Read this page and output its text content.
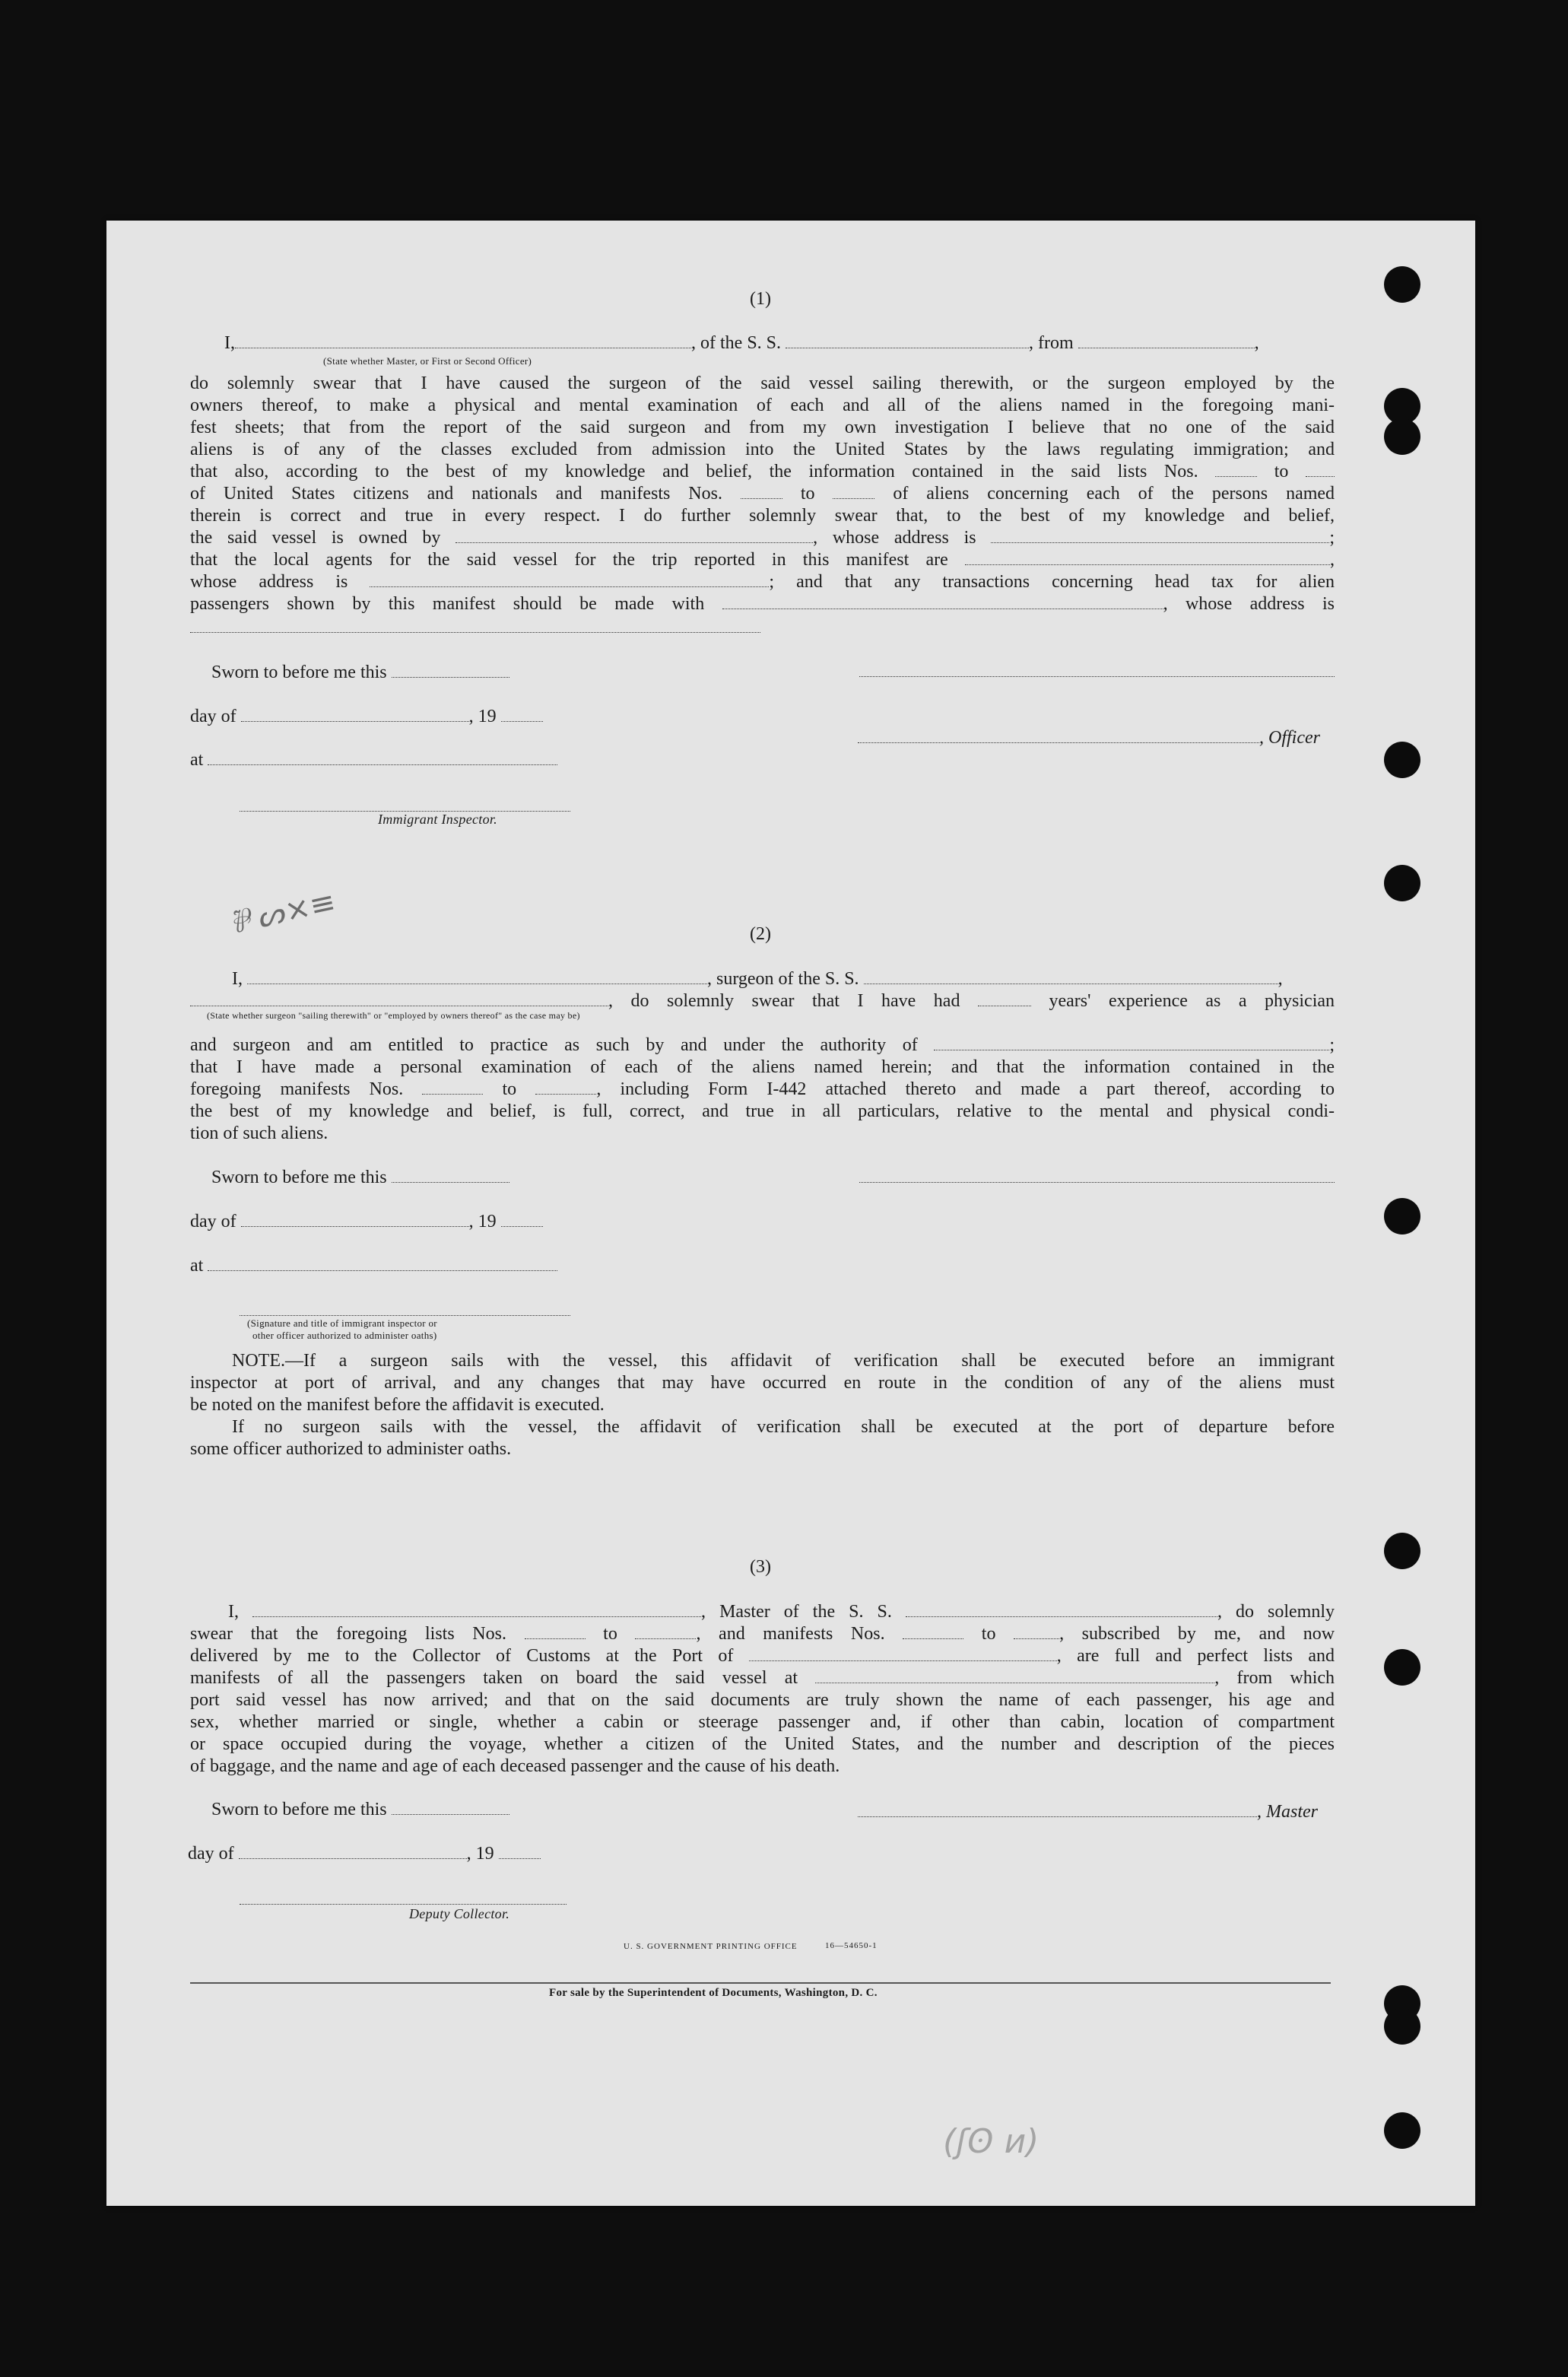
(1)
I,	, of the S. S.	, from	,
(State whether Master, or First or Second Officer)
do solemnly swear that I have caused the surgeon of the said vessel sailing therewith, or the surgeon employed by the
owners thereof, to make a physical and mental examination of each and all of the aliens named in the foregoing mani-
fest sheets; that from the report of the said surgeon and from my own investigation I believe that no one of the said
aliens is of any of the classes excluded from admission into the United States by the laws regulating immigration; and
that also, according to the best of my knowledge and belief, the information contained in the said lists Nos.	to
of United States citizens and nationals and manifests Nos.	to	of aliens concerning each of the persons named
therein is correct and true in every respect. I do further solemnly swear that, to the best of my knowledge and belief,
the said vessel is owned by	, whose address is	;
that the local agents for the said vessel for the trip reported in this manifest are	,
whose address is	; and that any transactions concerning head tax for alien
passengers shown by this manifest should be made with	, whose address is
Sworn to before me this
day of	, 19
, Officer
at
Immigrant Inspector.
⅌ ᔕ×≡	(2)
I,	, surgeon of the S. S.	,
, do solemnly swear that I have had	years' experience as a physician
(State whether surgeon "sailing therewith" or "employed by owners thereof" as the case may be)
and surgeon and am entitled to practice as such by and under the authority of	;
that I have made a personal examination of each of the aliens named herein; and that the information contained in the
foregoing manifests Nos.	to	, including Form I-442 attached thereto and made a part thereof, according to
the best of my knowledge and belief, is full, correct, and true in all particulars, relative to the mental and physical condi-
tion of such aliens.
Sworn to before me this
day of	, 19
at
(Signature and title of immigrant inspector or
other officer authorized to administer oaths)
NOTE.—If a surgeon sails with the vessel, this affidavit of verification shall be executed before an immigrant
inspector at port of arrival, and any changes that may have occurred en route in the condition of any of the aliens must
be noted on the manifest before the affidavit is executed.
If no surgeon sails with the vessel, the affidavit of verification shall be executed at the port of departure before
some officer authorized to administer oaths.
(3)
I,	, Master of the S. S.	, do solemnly
swear that the foregoing lists Nos.	to	, and manifests Nos.	to	, subscribed by me, and now
delivered by me to the Collector of Customs at the Port of	, are full and perfect lists and
manifests of all the passengers taken on board the said vessel at	, from which
port said vessel has now arrived; and that on the said documents are truly shown the name of each passenger, his age and
sex, whether married or single, whether a cabin or steerage passenger and, if other than cabin, location of compartment
or space occupied during the voyage, whether a citizen of the United States, and the number and description of the pieces
of baggage, and the name and age of each deceased passenger and the cause of his death.
Sworn to before me this	, Master
day of	, 19
Deputy Collector.
U. S. GOVERNMENT PRINTING OFFICE	16—54650-1
For sale by the Superintendent of Documents, Washington, D. C.
(ʃʘ ᴎ)
